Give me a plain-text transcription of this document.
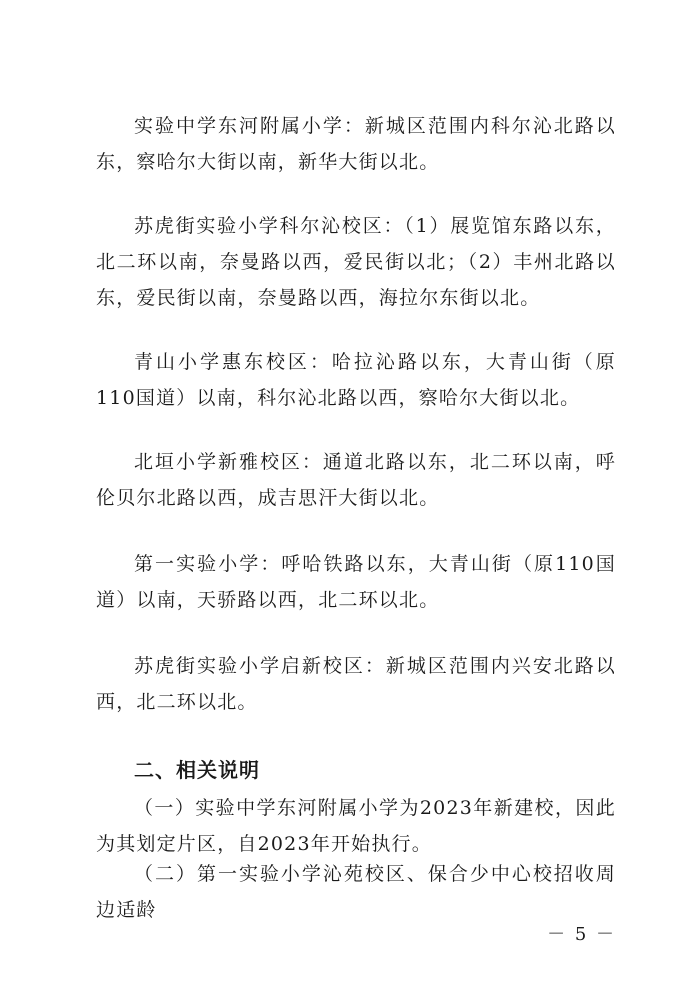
实验中学东河附属小学：新城区范围内科尔沁北路以东，察哈尔大街以南，新华大街以北。

苏虎街实验小学科尔沁校区：（1）展览馆东路以东，北二环以南，奈曼路以西，爱民街以北；（2）丰州北路以东，爱民街以南，奈曼路以西，海拉尔东街以北。

青山小学惠东校区：哈拉沁路以东，大青山街（原110国道）以南，科尔沁北路以西，察哈尔大街以北。

北垣小学新雅校区：通道北路以东，北二环以南，呼伦贝尔北路以西，成吉思汗大街以北。

第一实验小学：呼哈铁路以东，大青山街（原110国道）以南，天骄路以西，北二环以北。

苏虎街实验小学启新校区：新城区范围内兴安北路以西，北二环以北。

二、相关说明

（一）实验中学东河附属小学为2023年新建校，因此为其划定片区，自2023年开始执行。

（二）第一实验小学沁苑校区、保合少中心校招收周边适龄

－ 5 －
